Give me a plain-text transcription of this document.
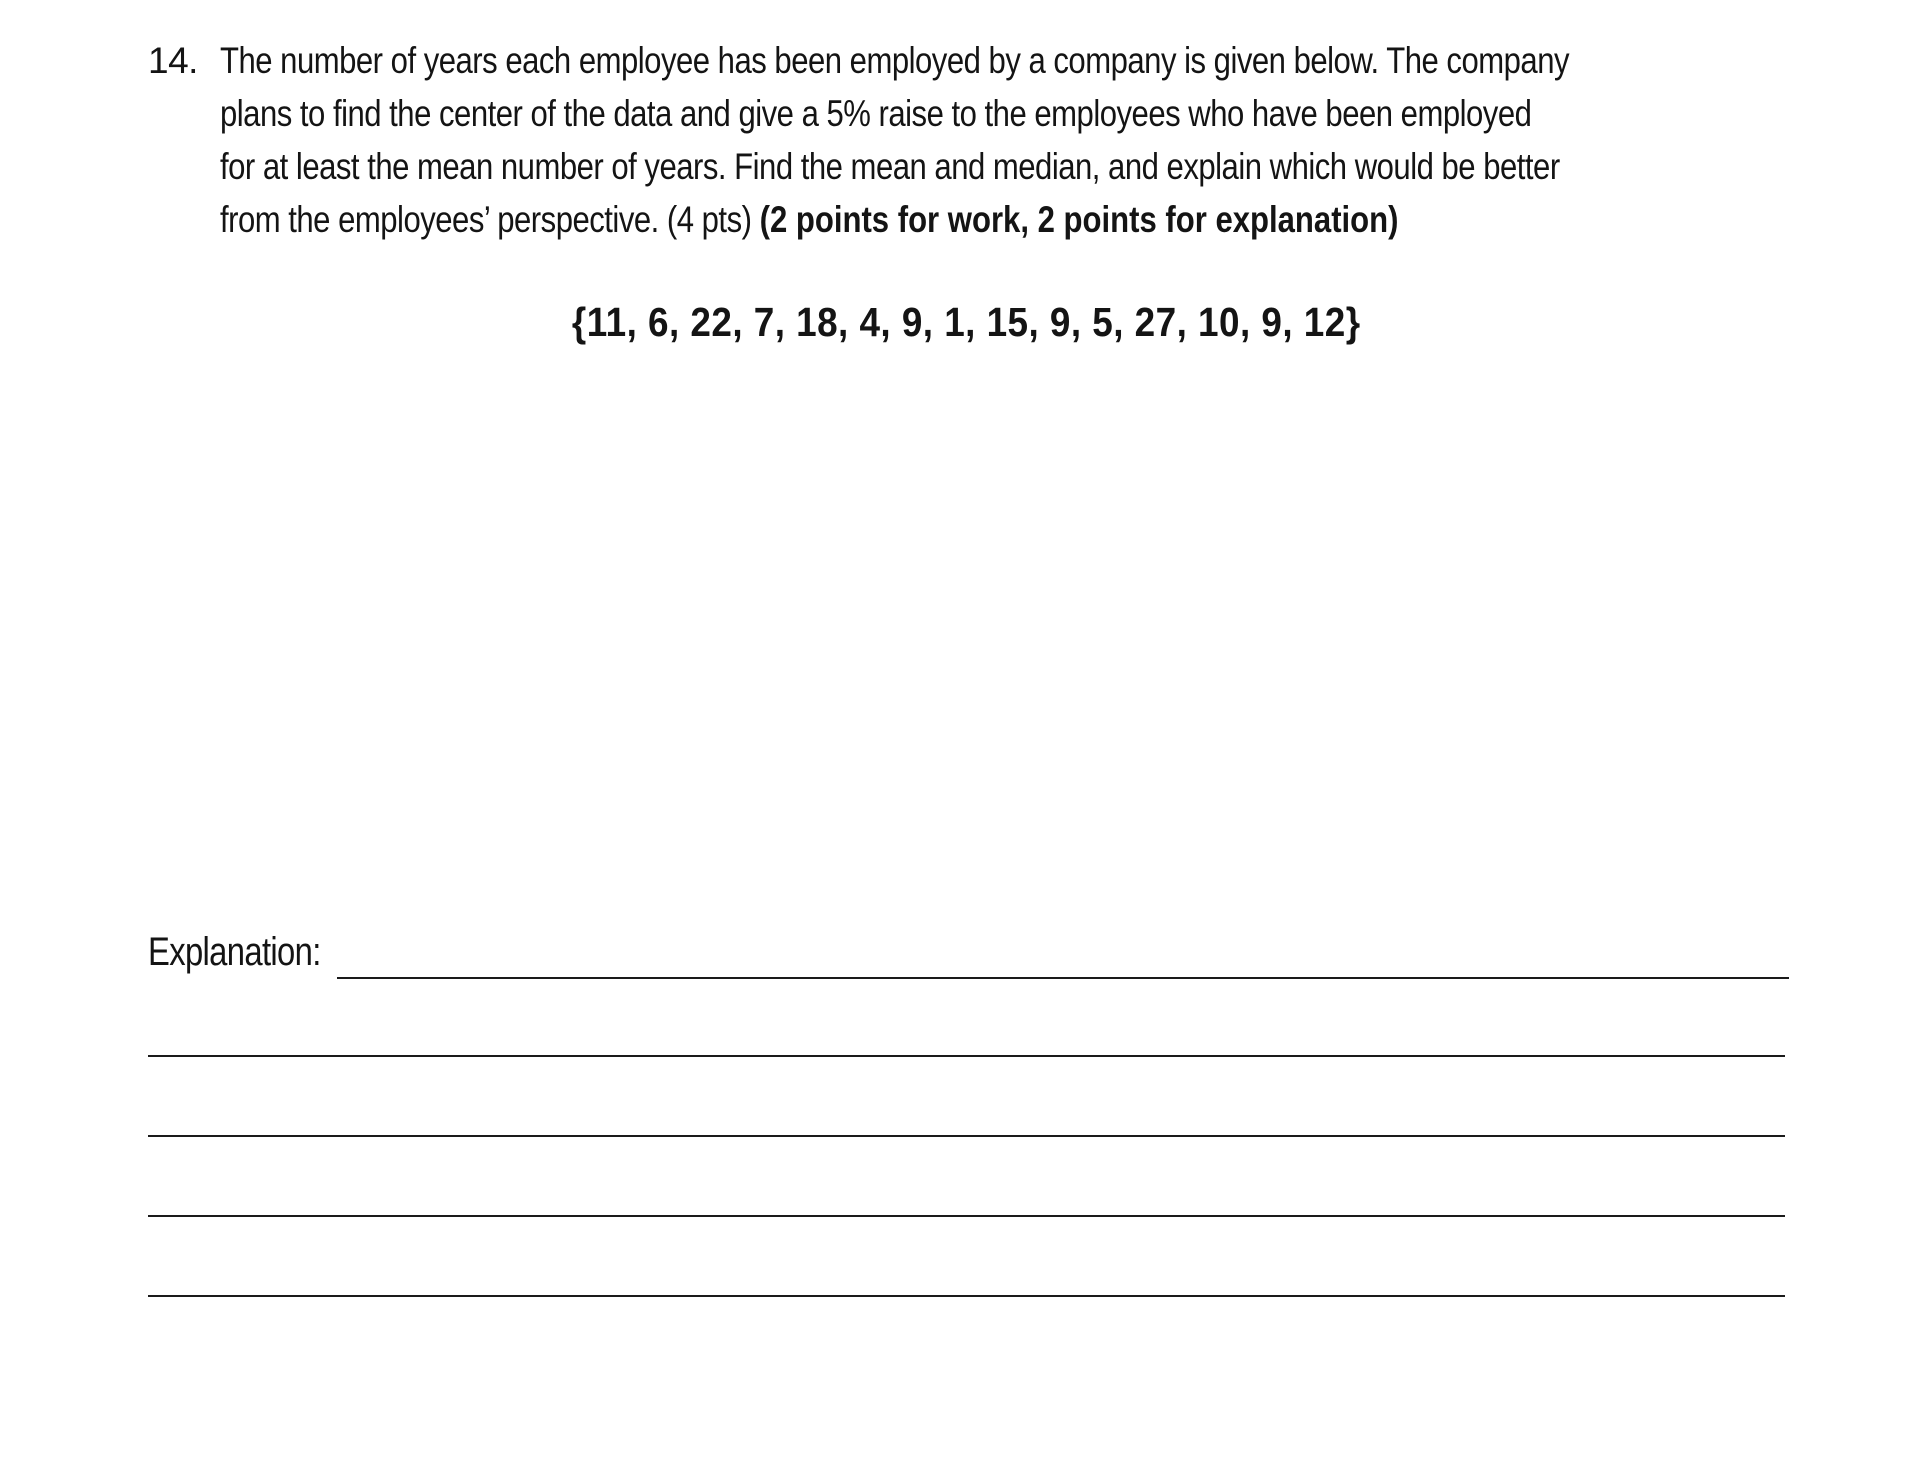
14. The number of years each employee has been employed by a company is given below. The company
plans to find the center of the data and give a 5% raise to the employees who have been employed
for at least the mean number of years. Find the mean and median, and explain which would be better
from the employees’ perspective. (4 pts) (2 points for work, 2 points for explanation)
{11, 6, 22, 7, 18, 4, 9, 1, 15, 9, 5, 27, 10, 9, 12}
Explanation:
